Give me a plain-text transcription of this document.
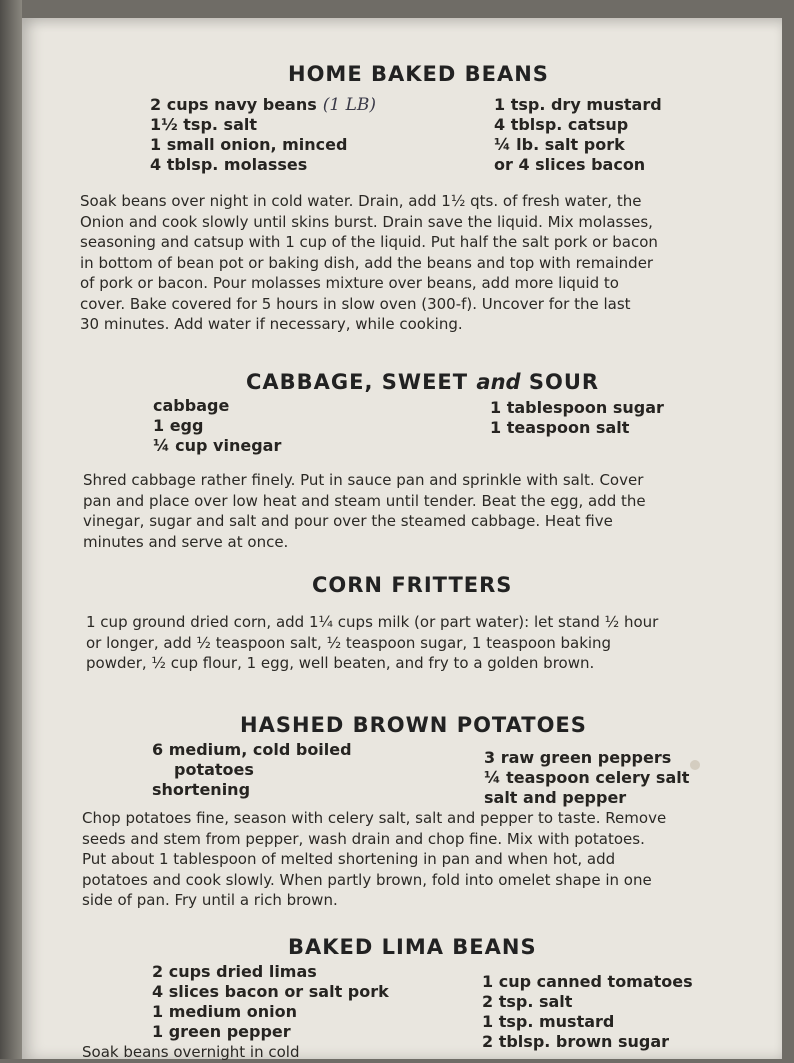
HOME BAKED BEANS
2 cups navy beans (1 LB)
1½ tsp. salt
1 small onion, minced
4 tblsp. molasses
1 tsp. dry mustard
4 tblsp. catsup
¼ lb. salt pork
or 4 slices bacon
Soak beans over night in cold water. Drain, add 1½ qts. of fresh water, the
Onion and cook slowly until skins burst. Drain save the liquid. Mix molasses,
seasoning and catsup with 1 cup of the liquid. Put half the salt pork or bacon
in bottom of bean pot or baking dish, add the beans and top with remainder
of pork or bacon. Pour molasses mixture over beans, add more liquid to
cover. Bake covered for 5 hours in slow oven (300-f). Uncover for the last
30 minutes. Add water if necessary, while cooking.
CABBAGE, SWEET and SOUR
cabbage
1 egg
¼ cup vinegar
1 tablespoon sugar
1 teaspoon salt
Shred cabbage rather finely. Put in sauce pan and sprinkle with salt. Cover
pan and place over low heat and steam until tender. Beat the egg, add the
vinegar, sugar and salt and pour over the steamed cabbage. Heat five
minutes and serve at once.
CORN FRITTERS
1 cup ground dried corn, add 1¼ cups milk (or part water): let stand ½ hour
or longer, add ½ teaspoon salt, ½ teaspoon sugar, 1 teaspoon baking
powder, ½ cup flour, 1 egg, well beaten, and fry to a golden brown.
HASHED BROWN POTATOES
6 medium, cold boiled
potatoes
shortening
3 raw green peppers
¼ teaspoon celery salt
salt and pepper
Chop potatoes fine, season with celery salt, salt and pepper to taste. Remove
seeds and stem from pepper, wash drain and chop fine. Mix with potatoes.
Put about 1 tablespoon of melted shortening in pan and when hot, add
potatoes and cook slowly. When partly brown, fold into omelet shape in one
side of pan. Fry until a rich brown.
BAKED LIMA BEANS
2 cups dried limas
4 slices bacon or salt pork
1 medium onion
1 green pepper
1 cup canned tomatoes
2 tsp. salt
1 tsp. mustard
2 tblsp. brown sugar
Soak beans overnight in cold
